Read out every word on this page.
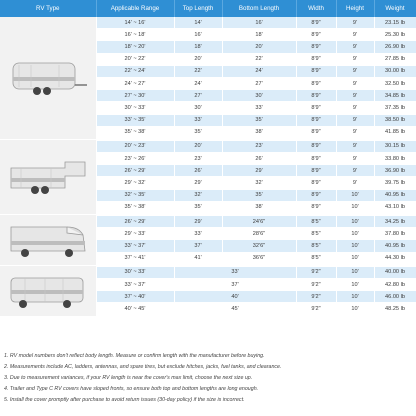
RV Type	Applicable Range	Top Length	Bottom Length	Width	Height	Weight

	14' ~ 16'	14'	16'	8'9"	9'	23.15 lb
	16' ~ 18'	16'	18'	8'9"	9'	25.30 lb
	18' ~ 20'	18'	20'	8'9"	9'	26.90 lb
	20' ~ 22'	20'	22'	8'9"	9'	27.85 lb
	22' ~ 24'	22'	24'	8'9"	9'	30.00 lb
	24' ~ 27'	24'	27'	8'9"	9'	32.50 lb
	27' ~ 30'	27'	30'	8'9"	9'	34.85 lb
	30' ~ 33'	30'	33'	8'9"	9'	37.35 lb
	33' ~ 35'	33'	35'	8'9"	9'	38.50 lb
	35' ~ 38'	35'	38'	8'9"	9'	41.85 lb

	20' ~ 23'	20'	23'	8'9"	9'	30.15 lb
	23' ~ 26'	23'	26'	8'9"	9'	33.80 lb
	26' ~ 29'	26'	29'	8'9"	9'	36.90 lb
	29' ~ 32'	29'	32'	8'9"	9'	39.75 lb
	32' ~ 35'	32'	35'	8'9"	10'	40.95 lb
	35' ~ 38'	35'	38'	8'9"	10'	43.10 lb

	26' ~ 29'	29'	24'6"	8'5"	10'	34.25 lb
	29' ~ 33'	33'	28'6"	8'5"	10'	37.80 lb
	33' ~ 37'	37'	32'6"	8'5"	10'	40.95 lb
	37' ~ 41'	41'	36'6"	8'5"	10'	44.30 lb

	30' ~ 33'	33'		9'2"	10'	40.00 lb
	33' ~ 37'	37'		9'2"	10'	42.80 lb
	37' ~ 40'	40'		9'2"	10'	46.00 lb
	40' ~ 45'	45'		9'2"	10'	48.25 lb
1. RV model numbers don't reflect body length. Measure or confirm length with the manufacturer before buying.
2. Measurements include AC, ladders, antennas, and spare tires, but exclude hitches, jacks, fuel tanks, and clearance.
3. Due to measurement variances, if your RV length is near the cover's max limit, choose the next size up.
4. Trailer and Type C RV covers have sloped fronts, so ensure both top and bottom lengths are long enough.
5. Install the cover promptly after purchase to avoid return issues (30-day policy) if the size is incorrect.
